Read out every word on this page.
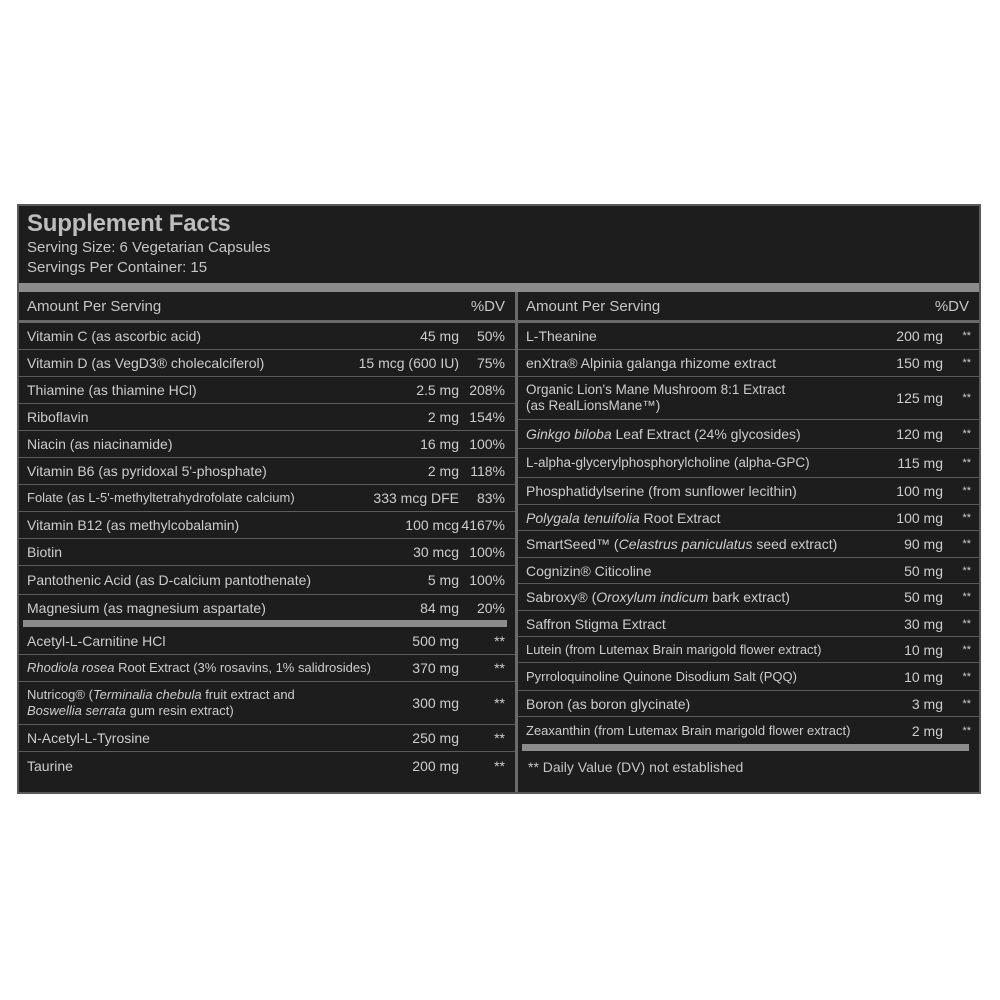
Supplement Facts
Serving Size: 6 Vegetarian Capsules
Servings Per Container: 15
Amount Per Serving	%DV
Vitamin C (as ascorbic acid)	45 mg 50%
Vitamin D (as VegD3® cholecalciferol)	15 mcg (600 IU) 75%
Thiamine (as thiamine HCl)	2.5 mg 208%
Riboflavin	2 mg 154%
Niacin (as niacinamide)	16 mg 100%
Vitamin B6 (as pyridoxal 5'-phosphate)	2 mg 118%
Folate (as L-5'-methyltetrahydrofolate calcium)	333 mcg DFE 83%
Vitamin B12 (as methylcobalamin)	100 mcg 4167%
Biotin	30 mcg 100%
Pantothenic Acid (as D-calcium pantothenate)	5 mg 100%
Magnesium (as magnesium aspartate)	84 mg 20%
Acetyl-L-Carnitine HCl	500 mg	**
Rhodiola rosea Root Extract (3% rosavins, 1% salidrosides)	370 mg	**
Nutricog® (Terminalia chebula fruit extract and
Boswellia serrata gum resin extract)	300 mg	**
N-Acetyl-L-Tyrosine	250 mg	**
Taurine	200 mg	**
Amount Per Serving	%DV
L-Theanine	200 mg **
enXtra® Alpinia galanga rhizome extract	150 mg **
Organic Lion's Mane Mushroom 8:1 Extract
(as RealLionsMane™)	125 mg **
Ginkgo biloba Leaf Extract (24% glycosides)	120 mg **
L-alpha-glycerylphosphorylcholine (alpha-GPC)	115 mg **
Phosphatidylserine (from sunflower lecithin)	100 mg **
Polygala tenuifolia Root Extract	100 mg **
SmartSeed™ (Celastrus paniculatus seed extract)	90 mg **
Cognizin® Citicoline	50 mg **
Sabroxy® (Oroxylum indicum bark extract)	50 mg **
Saffron Stigma Extract	30 mg **
Lutein (from Lutemax Brain marigold flower extract)	10 mg **
Pyrroloquinoline Quinone Disodium Salt (PQQ)	10 mg **
Boron (as boron glycinate)	3 mg **
Zeaxanthin (from Lutemax Brain marigold flower extract)	2 mg **
** Daily Value (DV) not established
